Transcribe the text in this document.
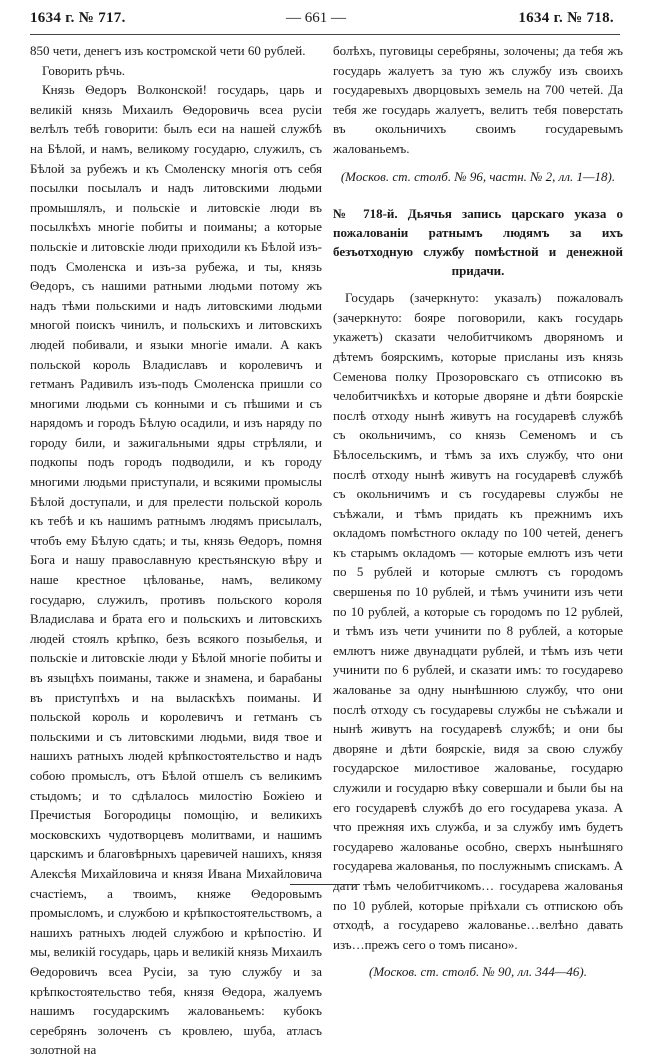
1634 г. № 717.	— 661 —	1634 г. № 718.

850 чети, денегъ изъ костромской чети 60 рублей.

Говорить рѣчь.

Князь Θедоръ Волконской! государь, царь и великій князь Михаилъ Θедоровичь всеа русіи велѣлъ тебѣ говорити: былъ еси на нашей службѣ на Бѣлой, и намъ, великому государю, служилъ, съ Бѣлой за рубежъ и къ Смоленску многія отъ себя посылки посылалъ и надъ литовскими людьми промышлялъ, и польскіе и литовскіе люди въ посылкѣхъ многіе побиты и поиманы; а которые польскіе и литовскіе люди приходили къ Бѣлой изъ-подъ Смоленска и изъ-за рубежа, и ты, князь Θедоръ, съ нашими ратными людьми потому жъ надъ тѣми польскими и надъ литовскими людьми многой поискъ чинилъ, и польскихъ и литовскихъ людей побивали, и языки многіе имали. А какъ польской король Владиславъ и королевичъ и гетманъ Радивилъ изъ-подъ Смоленска пришли со многими людьми съ конными и съ пѣшими и съ нарядомъ и городъ Бѣлую осадили, и изъ наряду по городу били, и зажигальными ядры стрѣляли, и подкопы подъ городъ подводили, и къ городу многими людьми приступали, и всякими промыслы Бѣлой доступали, и для прелести польской король къ тебѣ и къ нашимъ ратнымъ людямъ присылалъ, чтобъ ему Бѣлую сдать; и ты, князь Θедоръ, помня Бога и нашу православную крестьянскую вѣру и наше крестное цѣлованье, намъ, великому государю, служилъ, противъ польского короля Владислава и брата его и польскихъ и литовскихъ людей стоялъ крѣпко, безъ всякого позыбелья, и польскіе и литовскіе люди у Бѣлой многіе побиты и въ языцѣхъ поиманы, также и знамена, и барабаны въ приступѣхъ и на выласкѣхъ поиманы. И польской король и королевичъ и гетманъ съ польскими и съ литовскими людьми, видя твое и нашихъ ратныхъ людей крѣпкостоятельство и надъ собою промыслъ, отъ Бѣлой отшелъ съ великимъ стыдомъ; и то сдѣлалось милостію Божіею и Пречистыя Богородицы помощію, и великихъ московскихъ чудотворцевъ молитвами, и нашимъ царскимъ и благовѣрныхъ царевичей нашихъ, князя Алексѣя Михайловича и князя Ивана Михайловича счастіемъ, а твоимъ, княже Θедоровымъ промысломъ, и службою и крѣпкостоятельствомъ, а нашихъ ратныхъ людей службою и крѣпостію. И мы, великій государь, царь и великій князь Михаилъ Θедоровичъ всеа Русіи, за тую службу и за крѣпкостоятельство тебя, князя Θедора, жалуемъ нашимъ государскимъ жалованьемъ: кубокъ серебрянъ золоченъ съ кровлею, шуба, атласъ золотной на

болѣхъ, пуговицы серебряны, золочены; да тебя жъ государь жалуетъ за тую жъ службу изъ своихъ государевыхъ дворцовыхъ земель на 700 четей. Да тебя же государь жалуетъ, велитъ тебя поверстать въ окольничихъ своимъ государевымъ жалованьемъ.

(Москов. ст. столб. № 96, частн. № 2, лл. 1—18).

№ 718-й. Дьячья запись царскаго указа о пожалованіи ратнымъ людямъ за ихъ безъотходную службу помѣстной и денежной придачи.

Государь (зачеркнуто: указалъ) пожаловалъ (зачеркнуто: бояре поговорили, какъ государь укажетъ) сказати челобитчикомъ дворяномъ и дѣтемъ боярскимъ, которые присланы изъ князь Семенова полку Прозоровскаго съ отписокю въ челобитчикѣхъ и которые дворяне и дѣти боярскіе послѣ отходу нынѣ живутъ на государевѣ службѣ съ окольничимъ, со князь Семеномъ и съ Бѣлосельскимъ, и тѣмъ за ихъ службу, что они послѣ отходу нынѣ живутъ на государевѣ службѣ съ окольничимъ и съ государевы службы не съѣжали, и тѣмъ придать къ прежнимъ ихъ окладомъ помѣстного окладу по 100 четей, денегъ къ старымъ окладомъ — которые емлютъ изъ чети по 5 рублей и которые смлютъ съ городомъ свершенья по 10 рублей, и тѣмъ учинити изъ чети по 10 рублей, а которые съ городомъ по 12 рублей, и тѣмъ изъ чети учинити по 8 рублей, а которые емлютъ ниже двунадцати рублей, и тѣмъ изъ чети учинити по 6 рублей, и сказати имъ: то государево жалованье за одну нынѣшнюю службу, что они послѣ отходу съ государевы службы не съѣжали и нынѣ живутъ на государевѣ службѣ; и они бы дворяне и дѣти боярскіе, видя за свою службу государское милостивое жалованье, государю служили и государю вѣку совершали и были бы на его государевѣ службѣ до его государева указа. А что прежняя ихъ служба, и за службу имъ будетъ государево жалованье особно, сверхъ нынѣшняго государева жалованья, по послужнымъ спискамъ. А дати тѣмъ челобитчикомъ… государева жалованья по 10 рублей, которые пріѣхали съ отпискою объ отходѣ, а государево жалованье…велѣно давать изъ…прежъ сего о томъ писано».

(Москов. ст. столб. № 90, лл. 344—46).
